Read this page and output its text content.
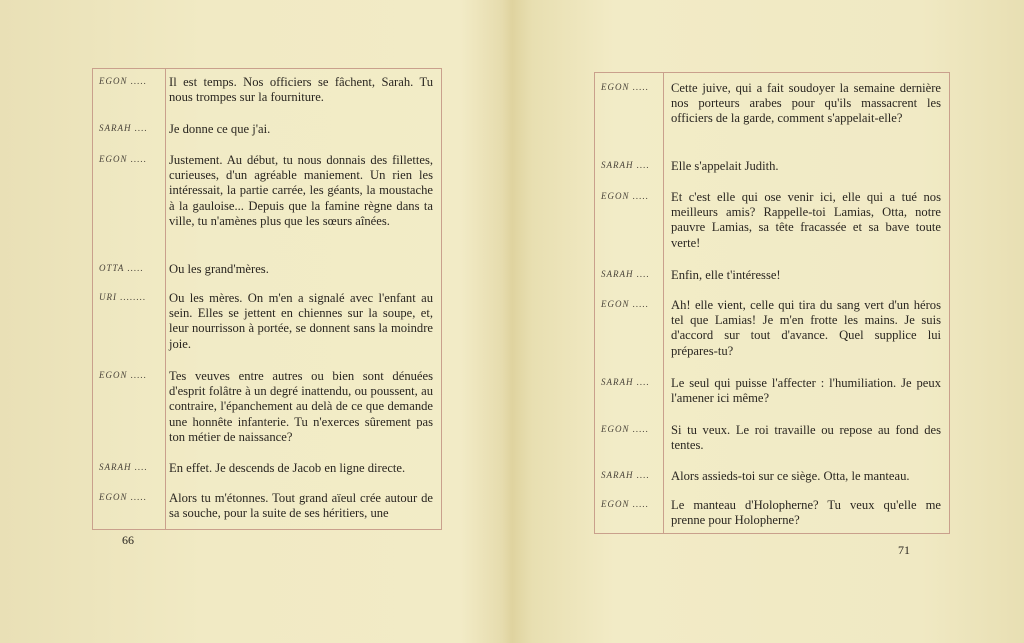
EGON ..... Il est temps. Nos officiers se fâchent, Sarah. Tu nous trompes sur la fourniture.
SARAH .... Je donne ce que j'ai.
EGON ..... Justement. Au début, tu nous donnais des fillettes, curieuses, d'un agréable maniement. Un rien les intéressait, la partie carrée, les géants, la moustache à la gauloise... Depuis que la famine règne dans ta ville, tu n'amènes plus que les sœurs aînées.
OTTA ..... Ou les grand'mères.
URI ........ Ou les mères. On m'en a signalé avec l'enfant au sein. Elles se jettent en chiennes sur la soupe, et, leur nourrisson à portée, se donnent sans la moindre joie.
EGON ..... Tes veuves entre autres ou bien sont dénuées d'esprit folâtre à un degré inattendu, ou poussent, au contraire, l'épanchement au delà de ce que demande une honnête infanterie. Tu n'exerces sûrement pas ton métier de naissance?
SARAH .... En effet. Je descends de Jacob en ligne directe.
EGON ..... Alors tu m'étonnes. Tout grand aïeul crée autour de sa souche, pour la suite de ses héritiers, une
66
EGON ..... Cette juive, qui a fait soudoyer la semaine dernière nos porteurs arabes pour qu'ils massacrent les officiers de la garde, comment s'appelait-elle?
SARAH .... Elle s'appelait Judith.
EGON ..... Et c'est elle qui ose venir ici, elle qui a tué nos meilleurs amis? Rappelle-toi Lamias, Otta, notre pauvre Lamias, sa tête fracassée et sa bave toute verte!
SARAH .... Enfin, elle t'intéresse!
EGON ..... Ah! elle vient, celle qui tira du sang vert d'un héros tel que Lamias! Je m'en frotte les mains. Je suis d'accord sur tout d'avance. Quel supplice lui prépares-tu?
SARAH .... Le seul qui puisse l'affecter : l'humiliation. Je peux l'amener ici même?
EGON ..... Si tu veux. Le roi travaille ou repose au fond des tentes.
SARAH .... Alors assieds-toi sur ce siège. Otta, le manteau.
EGON ..... Le manteau d'Holopherne? Tu veux qu'elle me prenne pour Holopherne?
71
